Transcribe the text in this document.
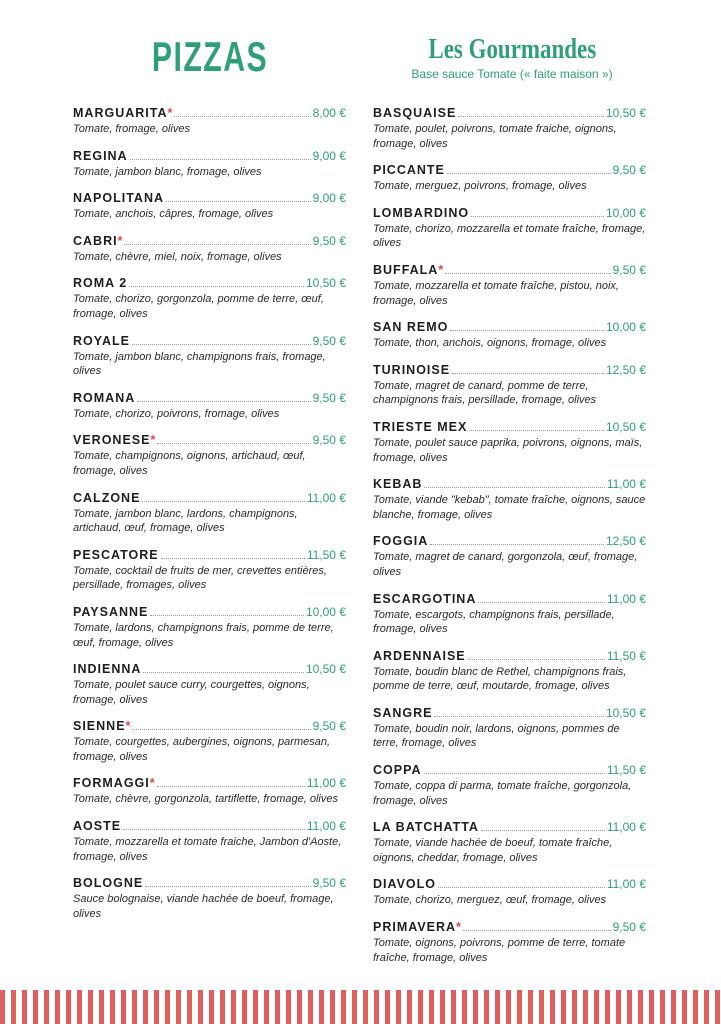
PIZZAS	Les Gourmandes
Base sauce Tomate (« faite maison »)
MARGUARITA *	8,00 €
Tomate, fromage, olives
REGINA	9,00 €
Tomate, jambon blanc, fromage, olives
NAPOLITANA	9,00 €
Tomate, anchois, câpres, fromage, olives
CABRI *	9,50 €
Tomate, chèvre, miel, noix, fromage, olives
ROMA 2	10,50 €
Tomate, chorizo, gorgonzola, pomme de terre, œuf, fromage, olives
ROYALE	9,50 €
Tomate, jambon blanc, champignons frais, fromage, olives
ROMANA	9,50 €
Tomate, chorizo, poivrons, fromage, olives
VERONESE *	9,50 €
Tomate, champignons, oignons, artichaud, œuf, fromage, olives
CALZONE	11,00 €
Tomate, jambon blanc, lardons, champignons, artichaud, œuf, fromage, olives
PESCATORE	11,50 €
Tomate, cocktail de fruits de mer, crevettes entières, persillade, fromages, olives
PAYSANNE	10,00 €
Tomate, lardons, champignons frais, pomme de terre, œuf, fromage, olives
INDIENNA	10,50 €
Tomate, poulet sauce curry, courgettes, oignons, fromage, olives
SIENNE *	9,50 €
Tomate, courgettes, aubergines, oignons, parmesan, fromage, olives
FORMAGGI *	11,00 €
Tomate, chèvre, gorgonzola, tartiflette, fromage, olives
AOSTE	11,00 €
Tomate, mozzarella et tomate fraiche, Jambon d'Aoste, fromage, olives
BOLOGNE	9,50 €
Sauce bolognaise, viande hachée de boeuf, fromage, olives
BASQUAISE	10,50 €
Tomate, poulet, poivrons, tomate fraiche, oignons, fromage, olives
PICCANTE	9,50 €
Tomate, merguez, poivrons, fromage, olives
LOMBARDINO	10,00 €
Tomate, chorizo, mozzarella et tomate fraîche, fromage, olives
BUFFALA *	9,50 €
Tomate, mozzarella et tomate fraîche, pistou, noix, fromage, olives
SAN REMO	10,00 €
Tomate, thon, anchois, oignons, fromage, olives
TURINOISE	12,50 €
Tomate, magret de canard, pomme de terre, champignons frais, persillade, fromage, olives
TRIESTE MEX	10,50 €
Tomate, poulet sauce paprika, poivrons, oignons, maïs, fromage, olives
KEBAB	11,00 €
Tomate, viande "kebab", tomate fraîche, oignons, sauce blanche, fromage, olives
FOGGIA	12,50 €
Tomate, magret de canard, gorgonzola, œuf, fromage, olives
ESCARGOTINA	11,00 €
Tomate, escargots, champignons frais, persillade, fromage, olives
ARDENNAISE	11,50 €
Tomate, boudin blanc de Rethel, champignons frais, pomme de terre, œuf, moutarde, fromage, olives
SANGRE	10,50 €
Tomate, boudin noir, lardons, oignons, pommes de terre, fromage, olives
COPPA	11,50 €
Tomate, coppa di parma, tomate fraîche, gorgonzola, fromage, olives
LA BATCHATTA	11,00 €
Tomate, viande hachée de boeuf, tomate fraîche, oignons, cheddar, fromage, olives
DIAVOLO	11,00 €
Tomate, chorizo, merguez, œuf, fromage, olives
PRIMAVERA *	9,50 €
Tomate, oignons, poivrons, pomme de terre, tomate fraîche, fromage, olives
